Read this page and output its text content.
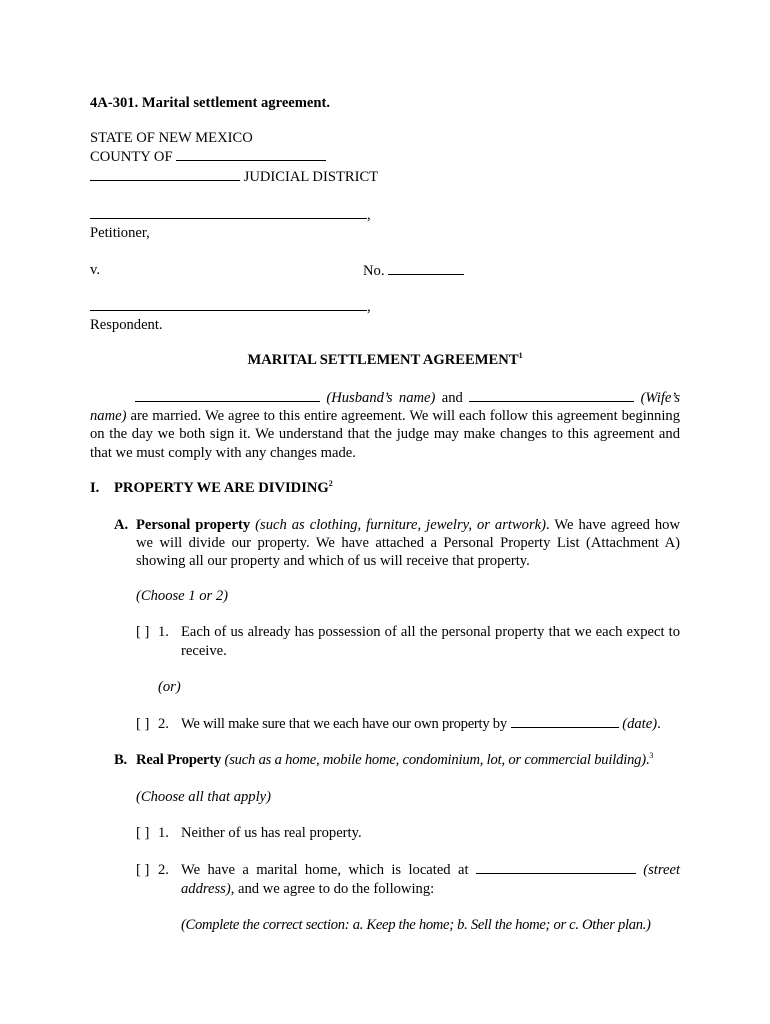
4A-301. Marital settlement agreement.
STATE OF NEW MEXICO
COUNTY OF
JUDICIAL DISTRICT
,
Petitioner,
v.	No.
,
Respondent.
MARITAL SETTLEMENT AGREEMENT$^1$
(Husband’s name) and	(Wife’s name) are married. We agree to this entire agreement. We will each follow this agreement beginning on the day we both sign it. We understand that the judge may make changes to this agreement and that we must comply with any changes made.
I. PROPERTY WE ARE DIVIDING$^2$
A. Personal property (such as clothing, furniture, jewelry, or artwork). We have agreed how we will divide our property. We have attached a Personal Property List (Attachment A) showing all our property and which of us will receive that property.
(Choose 1 or 2)
[ ] 1. Each of us already has possession of all the personal property that we each expect to receive.
(or)
[ ] 2. We will make sure that we each have our own property by	(date).
B. Real Property (such as a home, mobile home, condominium, lot, or commercial building).$^3$
(Choose all that apply)
[ ] 1. Neither of us has real property.
[ ] 2. We have a marital home, which is located at	(street address), and we agree to do the following:
(Complete the correct section: a. Keep the home; b. Sell the home; or c. Other plan.)
